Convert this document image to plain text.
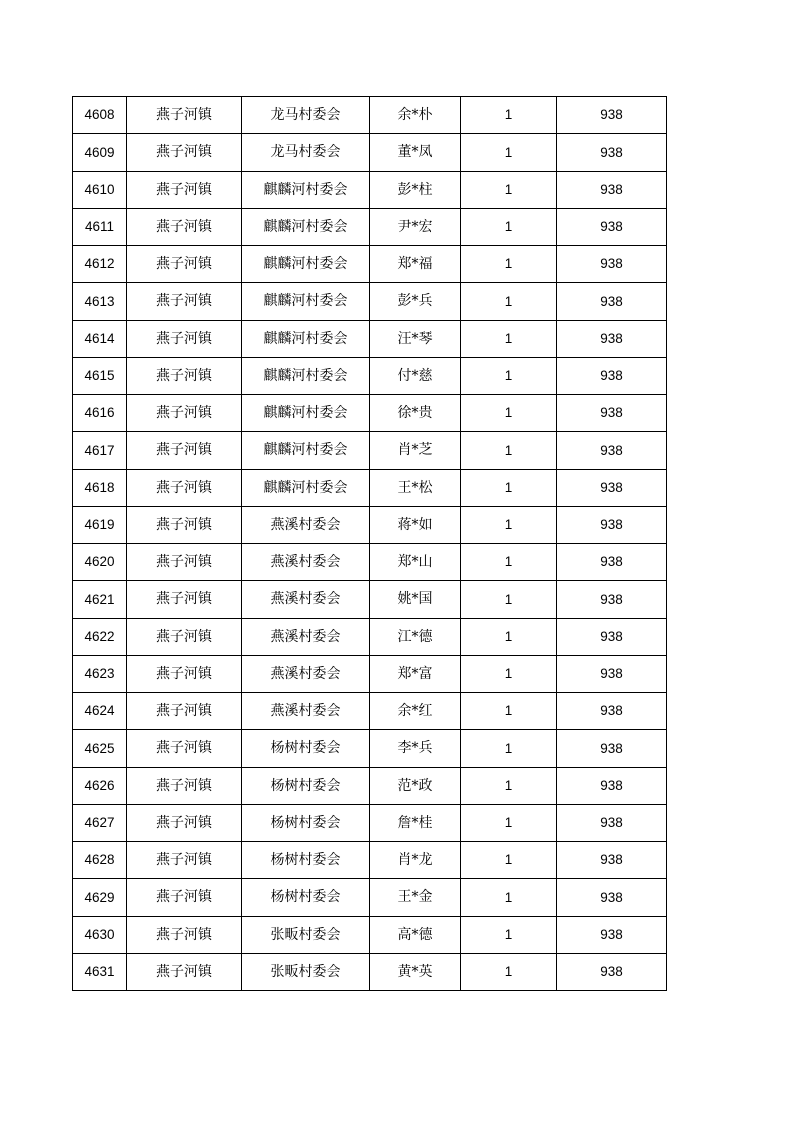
4608	燕子河镇	龙马村委会	余*朴	1	938
4609	燕子河镇	龙马村委会	董*凤	1	938
4610	燕子河镇	麒麟河村委会	彭*柱	1	938
4611	燕子河镇	麒麟河村委会	尹*宏	1	938
4612	燕子河镇	麒麟河村委会	郑*福	1	938
4613	燕子河镇	麒麟河村委会	彭*兵	1	938
4614	燕子河镇	麒麟河村委会	汪*琴	1	938
4615	燕子河镇	麒麟河村委会	付*慈	1	938
4616	燕子河镇	麒麟河村委会	徐*贵	1	938
4617	燕子河镇	麒麟河村委会	肖*芝	1	938
4618	燕子河镇	麒麟河村委会	王*松	1	938
4619	燕子河镇	燕溪村委会	蒋*如	1	938
4620	燕子河镇	燕溪村委会	郑*山	1	938
4621	燕子河镇	燕溪村委会	姚*国	1	938
4622	燕子河镇	燕溪村委会	江*德	1	938
4623	燕子河镇	燕溪村委会	郑*富	1	938
4624	燕子河镇	燕溪村委会	余*红	1	938
4625	燕子河镇	杨树村委会	李*兵	1	938
4626	燕子河镇	杨树村委会	范*政	1	938
4627	燕子河镇	杨树村委会	詹*桂	1	938
4628	燕子河镇	杨树村委会	肖*龙	1	938
4629	燕子河镇	杨树村委会	王*金	1	938
4630	燕子河镇	张畈村委会	高*德	1	938
4631	燕子河镇	张畈村委会	黄*英	1	938
